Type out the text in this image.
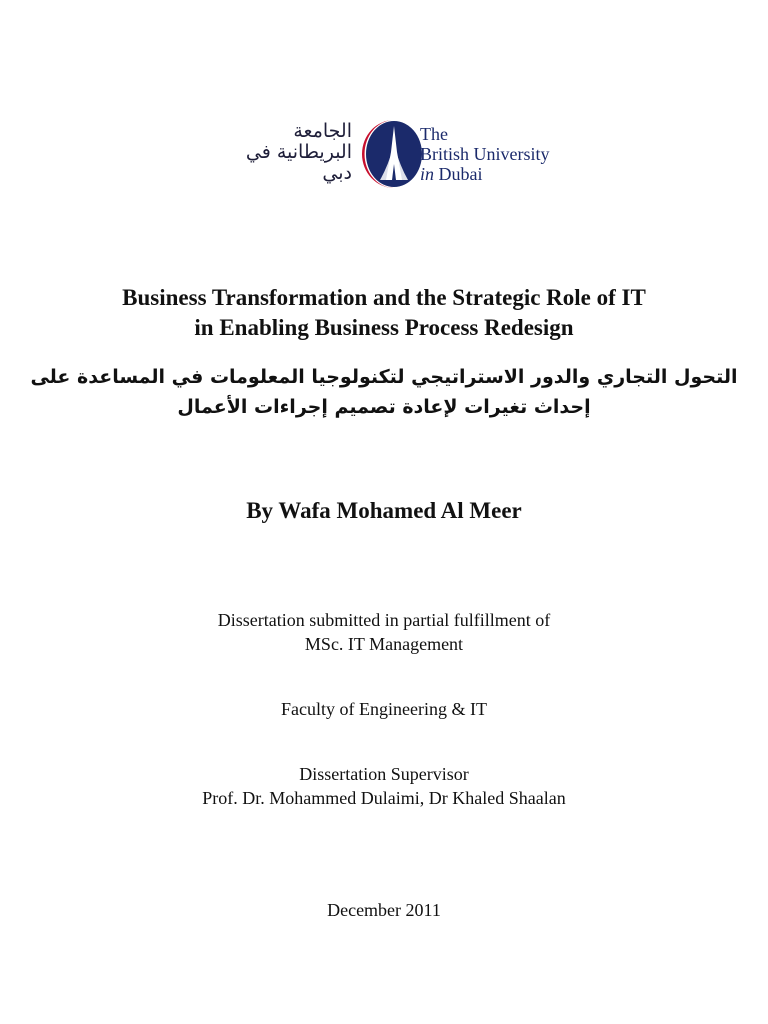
الجامعة
البريطانية في
دبي
The
British University
in Dubai
Business Transformation and the Strategic Role of IT
in Enabling Business Process Redesign
التحول التجاري والدور الاستراتيجي لتكنولوجيا المعلومات في المساعدة على
إحداث تغيرات لإعادة تصميم إجراءات الأعمال
By Wafa Mohamed Al Meer
Dissertation submitted in partial fulfillment of
MSc. IT Management
Faculty of Engineering & IT
Dissertation Supervisor
Prof. Dr. Mohammed Dulaimi, Dr Khaled Shaalan
December 2011
